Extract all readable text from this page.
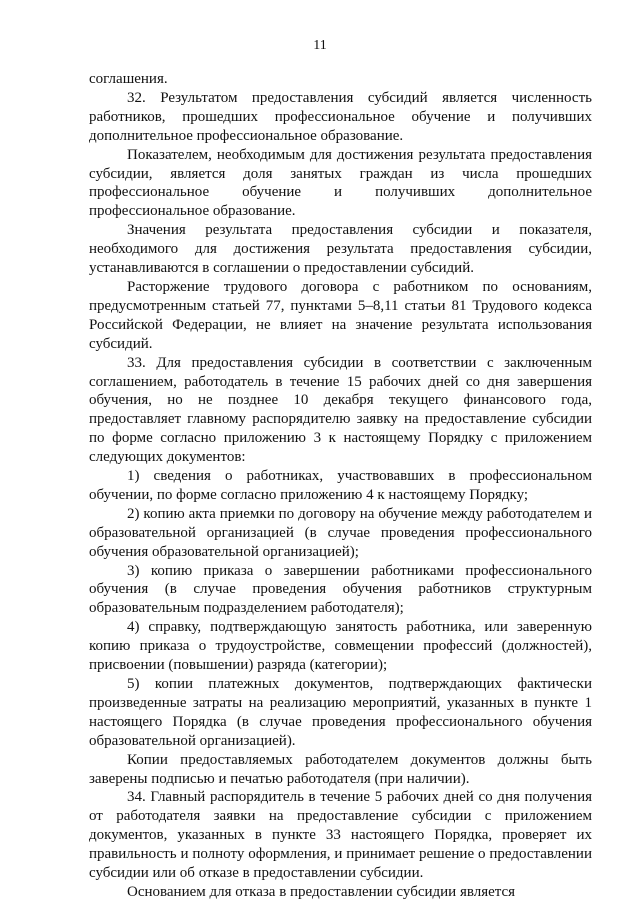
11

соглашения.

32. Результатом предоставления субсидий является численность работников, прошедших профессиональное обучение и получивших дополнительное профессиональное образование.

Показателем, необходимым для достижения результата предоставления субсидии, является доля занятых граждан из числа прошедших профессиональное обучение и получивших дополнительное профессиональное образование.

Значения результата предоставления субсидии и показателя, необходимого для достижения результата предоставления субсидии, устанавливаются в соглашении о предоставлении субсидий.

Расторжение трудового договора с работником по основаниям, предусмотренным статьей 77, пунктами 5–8,11 статьи 81 Трудового кодекса Российской Федерации, не влияет на значение результата использования субсидий.

33. Для предоставления субсидии в соответствии с заключенным соглашением, работодатель в течение 15 рабочих дней со дня завершения обучения, но не позднее 10 декабря текущего финансового года, предоставляет главному распорядителю заявку на предоставление субсидии по форме согласно приложению 3 к настоящему Порядку с приложением следующих документов:

1) сведения о работниках, участвовавших в профессиональном обучении, по форме согласно приложению 4 к настоящему Порядку;

2) копию акта приемки по договору на обучение между работодателем и образовательной организацией (в случае проведения профессионального обучения образовательной организацией);

3) копию приказа о завершении работниками профессионального обучения (в случае проведения обучения работников структурным образовательным подразделением работодателя);

4) справку, подтверждающую занятость работника, или заверенную копию приказа о трудоустройстве, совмещении профессий (должностей), присвоении (повышении) разряда (категории);

5) копии платежных документов, подтверждающих фактически произведенные затраты на реализацию мероприятий, указанных в пункте 1 настоящего Порядка (в случае проведения профессионального обучения образовательной организацией).

Копии предоставляемых работодателем документов должны быть заверены подписью и печатью работодателя (при наличии).

34. Главный распорядитель в течение 5 рабочих дней со дня получения от работодателя заявки на предоставление субсидии с приложением документов, указанных в пункте 33 настоящего Порядка, проверяет их правильность и полноту оформления, и принимает решение о предоставлении субсидии или об отказе в предоставлении субсидии.

Основанием для отказа в предоставлении субсидии является
